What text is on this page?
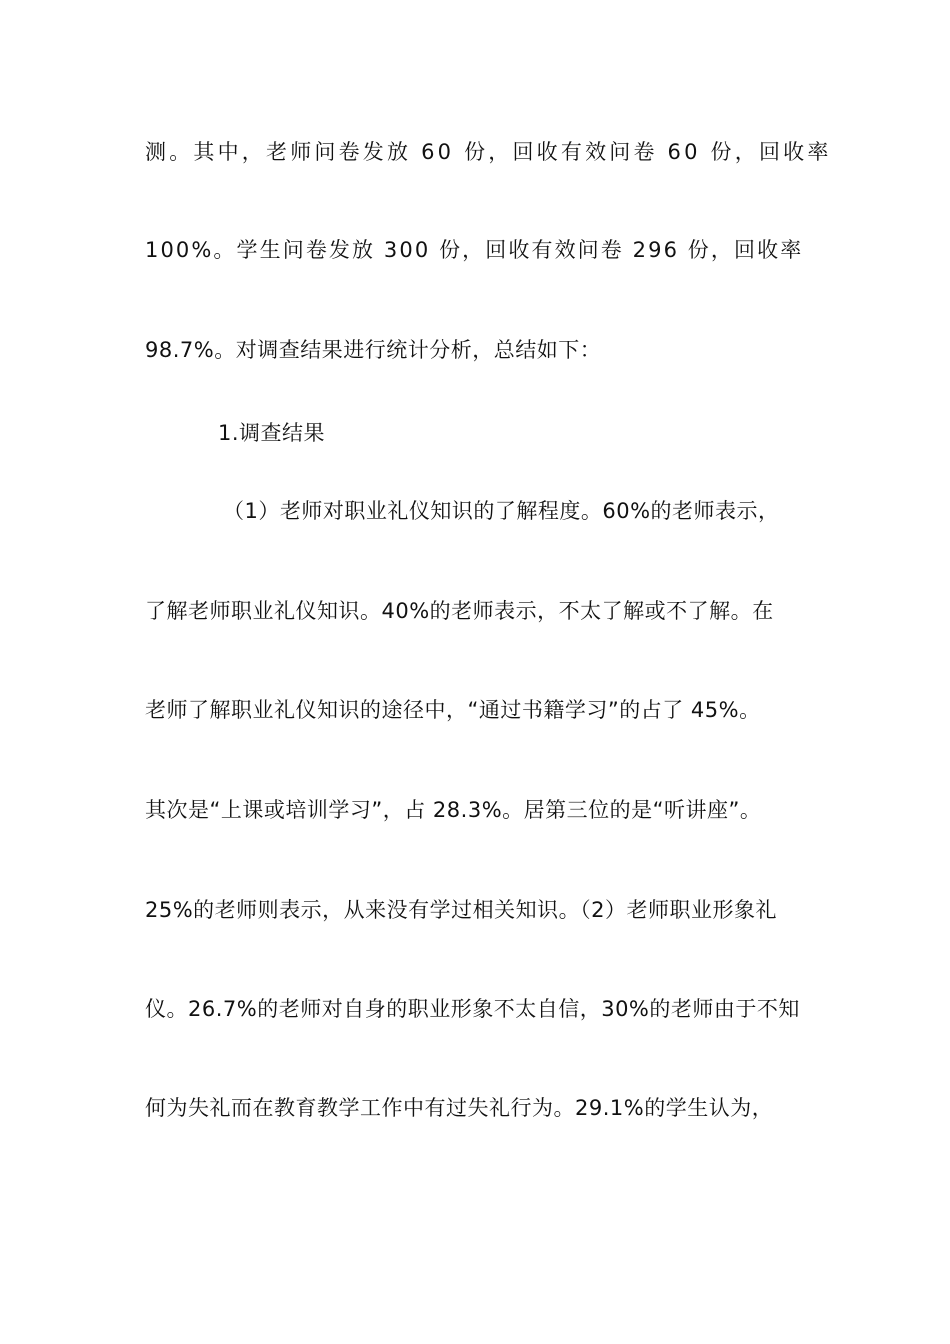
测。其中，老师问卷发放 60 份，回收有效问卷 60 份，回收率
100%。学生问卷发放 300 份，回收有效问卷 296 份，回收率
98.7%。对调查结果进行统计分析，总结如下：
1.调查结果
（1）老师对职业礼仪知识的了解程度。60%的老师表示，
了解老师职业礼仪知识。40%的老师表示，不太了解或不了解。在
老师了解职业礼仪知识的途径中，“通过书籍学习”的占了 45%。
其次是“上课或培训学习”，占 28.3%。居第三位的是“听讲座”。
25%的老师则表示，从来没有学过相关知识。（2）老师职业形象礼
仪。26.7%的老师对自身的职业形象不太自信，30%的老师由于不知
何为失礼而在教育教学工作中有过失礼行为。29.1%的学生认为，
